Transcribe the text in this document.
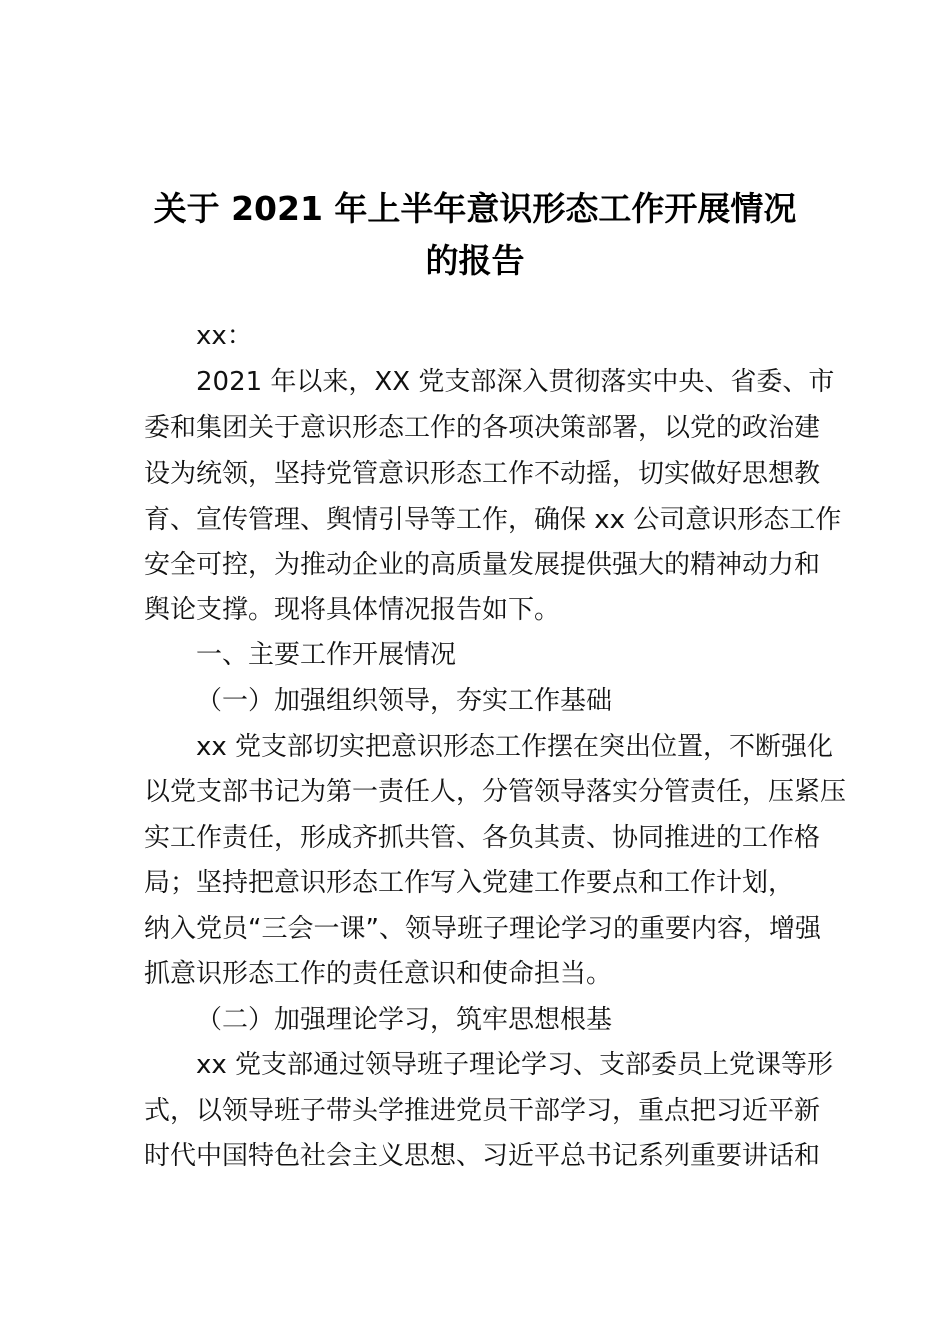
关于 2021 年上半年意识形态工作开展情况
的报告

xx：

2021 年以来，XX 党支部深入贯彻落实中央、省委、市

委和集团关于意识形态工作的各项决策部署，以党的政治建

设为统领，坚持党管意识形态工作不动摇，切实做好思想教

育、宣传管理、舆情引导等工作，确保 xx 公司意识形态工作

安全可控，为推动企业的高质量发展提供强大的精神动力和

舆论支撑。现将具体情况报告如下。

一、主要工作开展情况

（一）加强组织领导，夯实工作基础

xx 党支部切实把意识形态工作摆在突出位置，不断强化

以党支部书记为第一责任人，分管领导落实分管责任，压紧压

实工作责任，形成齐抓共管、各负其责、协同推进的工作格

局；坚持把意识形态工作写入党建工作要点和工作计划，

纳入党员“三会一课”、领导班子理论学习的重要内容，增强

抓意识形态工作的责任意识和使命担当。

（二）加强理论学习，筑牢思想根基

xx 党支部通过领导班子理论学习、支部委员上党课等形

式，以领导班子带头学推进党员干部学习，重点把习近平新

时代中国特色社会主义思想、习近平总书记系列重要讲话和
